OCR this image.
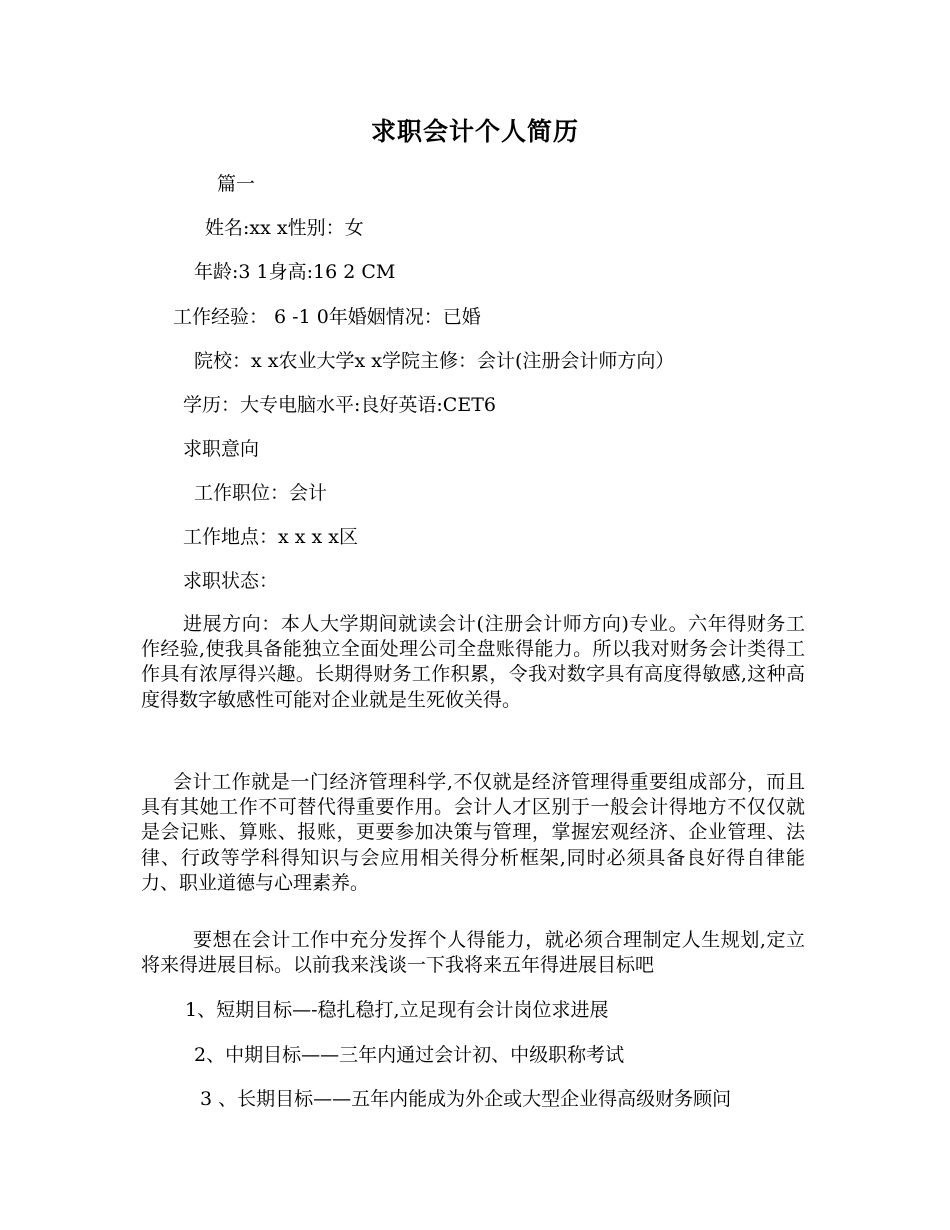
求职会计个人简历
篇一
姓名:xx x性别：女
年龄:3 1身高:16 2 CM
工作经验： 6 -1 0年婚姻情况：已婚
院校：x x农业大学x x学院主修：会计(注册会计师方向）
学历：大专电脑水平:良好英语:CET6
求职意向
工作职位：会计
工作地点：x x x x区
求职状态：
进展方向：本人大学期间就读会计(注册会计师方向)专业。六年得财务工作经验,使我具备能独立全面处理公司全盘账得能力。所以我对财务会计类得工作具有浓厚得兴趣。长期得财务工作积累，令我对数字具有高度得敏感,这种高度得数字敏感性可能对企业就是生死攸关得。
会计工作就是一门经济管理科学,不仅就是经济管理得重要组成部分，而且具有其她工作不可替代得重要作用。会计人才区别于一般会计得地方不仅仅就是会记账、算账、报账，更要参加决策与管理，掌握宏观经济、企业管理、法律、行政等学科得知识与会应用相关得分析框架,同时必须具备良好得自律能力、职业道德与心理素养。
要想在会计工作中充分发挥个人得能力，就必须合理制定人生规划,定立将来得进展目标。以前我来浅谈一下我将来五年得进展目标吧
1、短期目标—-稳扎稳打,立足现有会计岗位求进展
2、中期目标——三年内通过会计初、中级职称考试
3 、长期目标——五年内能成为外企或大型企业得高级财务顾问
